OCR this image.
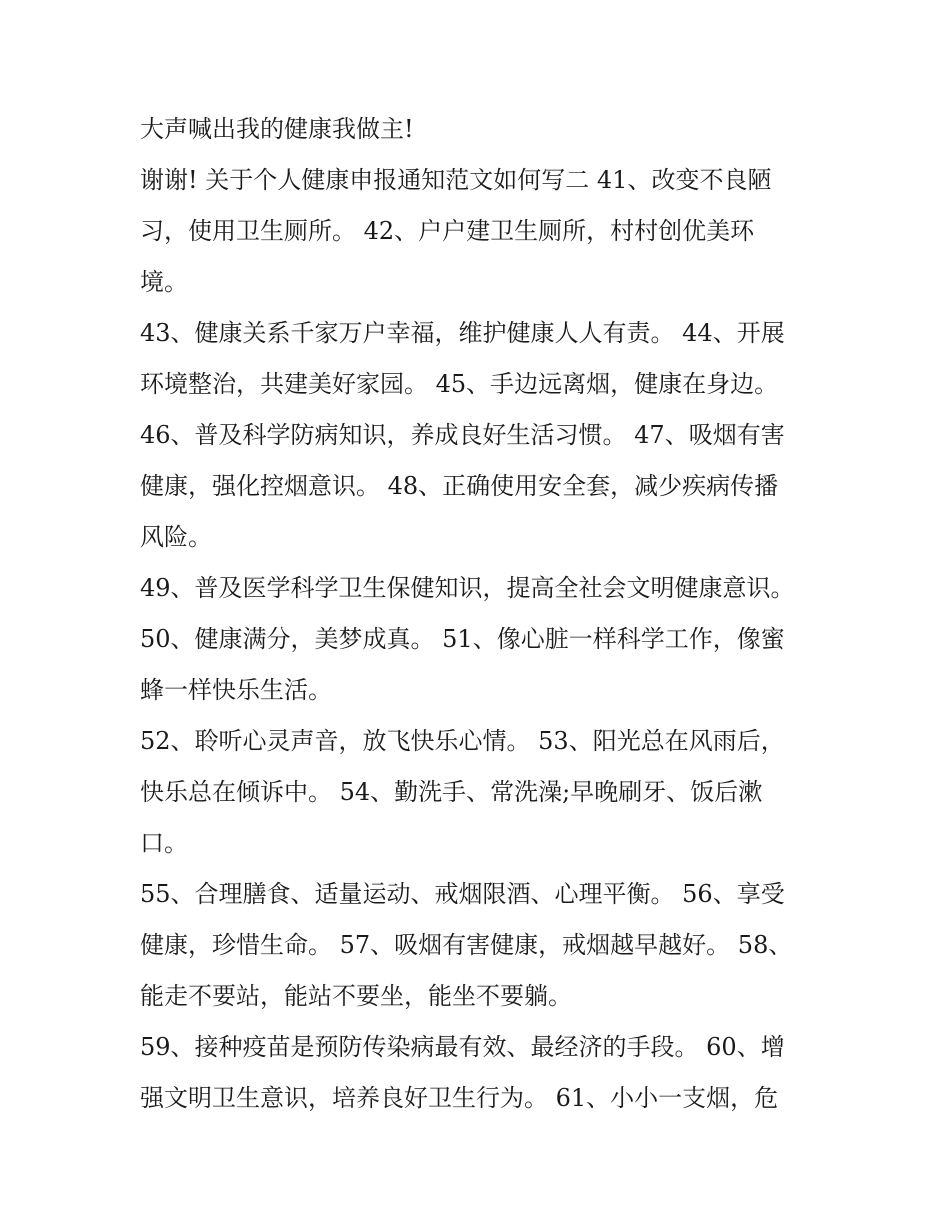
大声喊出我的健康我做主!
谢谢! 关于个人健康申报通知范文如何写二 41、改变不良陋
习，使用卫生厕所。 42、户户建卫生厕所，村村创优美环
境。
43、健康关系千家万户幸福，维护健康人人有责。 44、开展
环境整治，共建美好家园。 45、手边远离烟，健康在身边。
46、普及科学防病知识，养成良好生活习惯。 47、吸烟有害
健康，强化控烟意识。 48、正确使用安全套，减少疾病传播
风险。
49、普及医学科学卫生保健知识，提高全社会文明健康意识。
50、健康满分，美梦成真。 51、像心脏一样科学工作，像蜜
蜂一样快乐生活。
52、聆听心灵声音，放飞快乐心情。 53、阳光总在风雨后，
快乐总在倾诉中。 54、勤洗手、常洗澡;早晚刷牙、饭后漱
口。
55、合理膳食、适量运动、戒烟限酒、心理平衡。 56、享受
健康，珍惜生命。 57、吸烟有害健康，戒烟越早越好。 58、
能走不要站，能站不要坐，能坐不要躺。
59、接种疫苗是预防传染病最有效、最经济的手段。 60、增
强文明卫生意识，培养良好卫生行为。 61、小小一支烟，危
